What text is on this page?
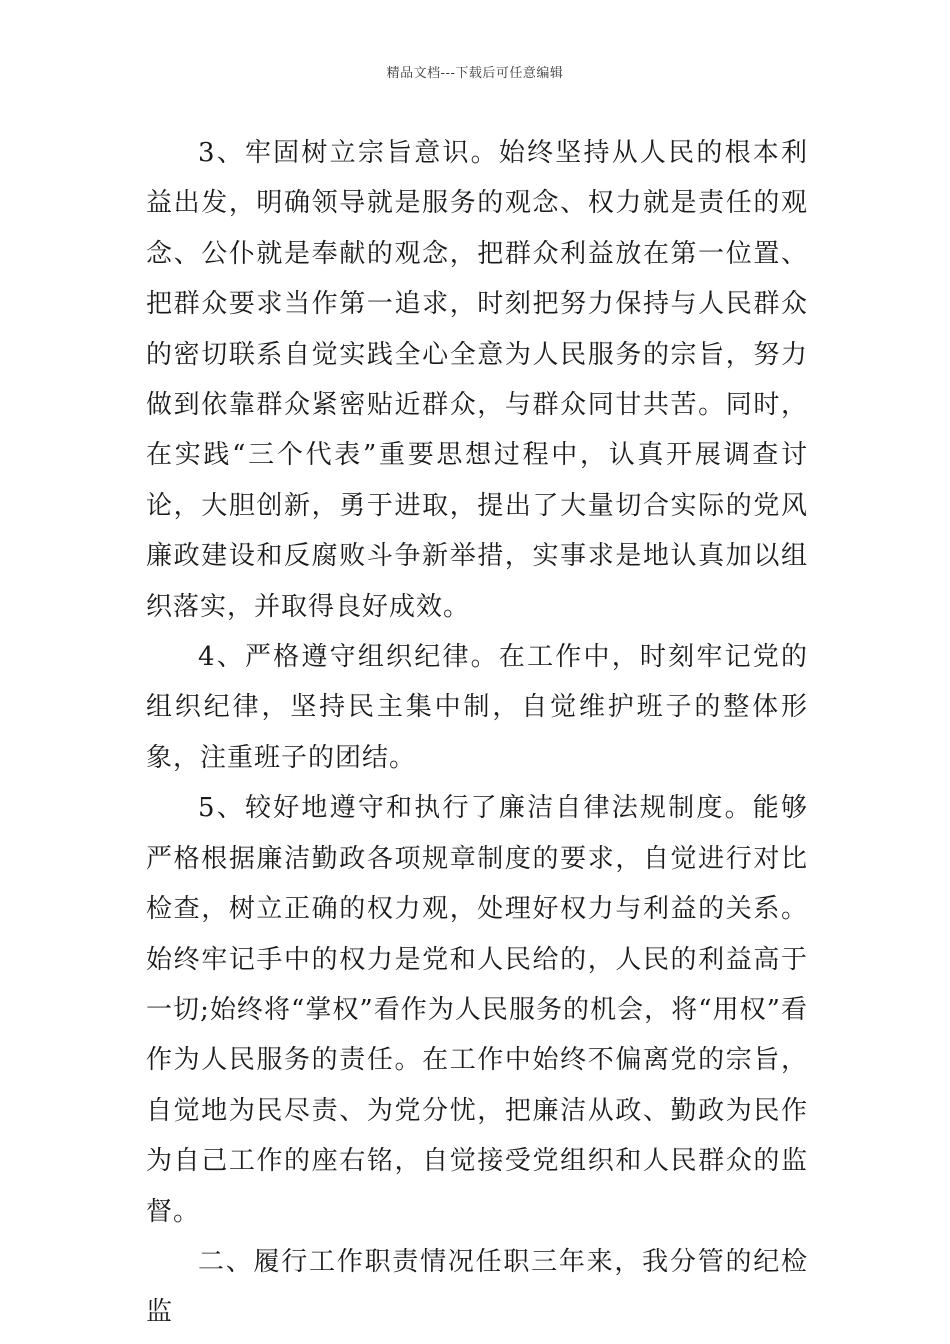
精品文档---下载后可任意编辑

3、牢固树立宗旨意识。始终坚持从人民的根本利益出发，明确领导就是服务的观念、权力就是责任的观念、公仆就是奉献的观念，把群众利益放在第一位置、把群众要求当作第一追求，时刻把努力保持与人民群众的密切联系自觉实践全心全意为人民服务的宗旨，努力做到依靠群众紧密贴近群众，与群众同甘共苦。同时，在实践“三个代表”重要思想过程中，认真开展调查讨论，大胆创新，勇于进取，提出了大量切合实际的党风廉政建设和反腐败斗争新举措，实事求是地认真加以组织落实，并取得良好成效。

4、严格遵守组织纪律。在工作中，时刻牢记党的组织纪律，坚持民主集中制，自觉维护班子的整体形象，注重班子的团结。

5、较好地遵守和执行了廉洁自律法规制度。能够严格根据廉洁勤政各项规章制度的要求，自觉进行对比检查，树立正确的权力观，处理好权力与利益的关系。始终牢记手中的权力是党和人民给的，人民的利益高于一切;始终将“掌权”看作为人民服务的机会，将“用权”看作为人民服务的责任。在工作中始终不偏离党的宗旨，自觉地为民尽责、为党分忧，把廉洁从政、勤政为民作为自己工作的座右铭，自觉接受党组织和人民群众的监督。

二、履行工作职责情况任职三年来，我分管的纪检监
